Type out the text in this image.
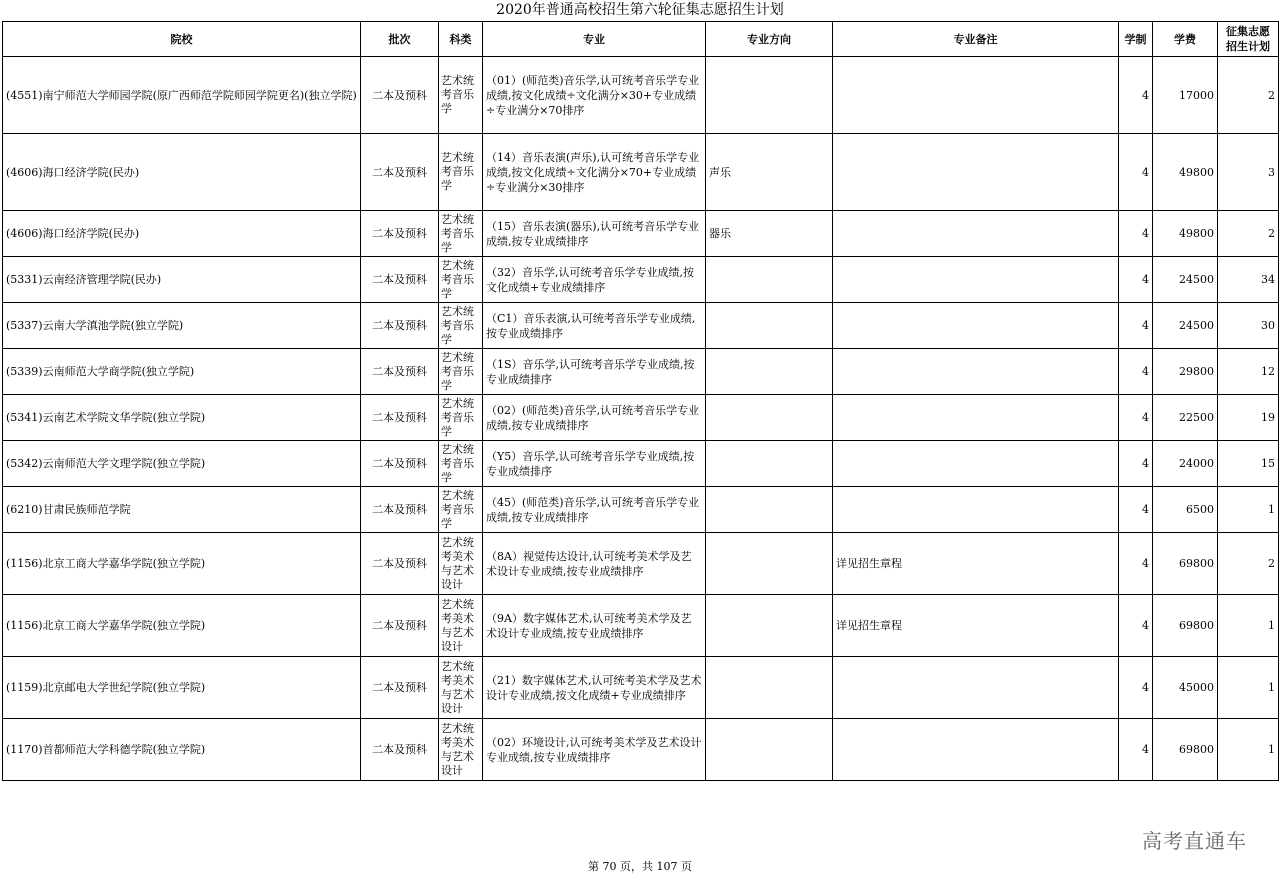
2020年普通高校招生第六轮征集志愿招生计划
院校	批次	科类	专业	专业方向	专业备注	学制	学费	征集志愿招生计划
(4551)南宁师范大学师园学院(原广西师范学院师园学院更名)(独立学院)	二本及预科	艺术统考音乐学	（01）(师范类)音乐学,认可统考音乐学专业成绩,按文化成绩÷文化满分×30+专业成绩÷专业满分×70排序			4	17000	2
(4606)海口经济学院(民办)	二本及预科	艺术统考音乐学	（14）音乐表演(声乐),认可统考音乐学专业成绩,按文化成绩÷文化满分×70+专业成绩÷专业满分×30排序	声乐		4	49800	3
(4606)海口经济学院(民办)	二本及预科	艺术统考音乐学	（15）音乐表演(器乐),认可统考音乐学专业成绩,按专业成绩排序	器乐		4	49800	2
(5331)云南经济管理学院(民办)	二本及预科	艺术统考音乐学	（32）音乐学,认可统考音乐学专业成绩,按文化成绩+专业成绩排序			4	24500	34
(5337)云南大学滇池学院(独立学院)	二本及预科	艺术统考音乐学	（C1）音乐表演,认可统考音乐学专业成绩,按专业成绩排序			4	24500	30
(5339)云南师范大学商学院(独立学院)	二本及预科	艺术统考音乐学	（1S）音乐学,认可统考音乐学专业成绩,按专业成绩排序			4	29800	12
(5341)云南艺术学院文华学院(独立学院)	二本及预科	艺术统考音乐学	（02）(师范类)音乐学,认可统考音乐学专业成绩,按专业成绩排序			4	22500	19
(5342)云南师范大学文理学院(独立学院)	二本及预科	艺术统考音乐学	（Y5）音乐学,认可统考音乐学专业成绩,按专业成绩排序			4	24000	15
(6210)甘肃民族师范学院	二本及预科	艺术统考音乐学	（45）(师范类)音乐学,认可统考音乐学专业成绩,按专业成绩排序			4	6500	1
(1156)北京工商大学嘉华学院(独立学院)	二本及预科	艺术统考美术与艺术设计	（8A）视觉传达设计,认可统考美术学及艺术设计专业成绩,按专业成绩排序		详见招生章程	4	69800	2
(1156)北京工商大学嘉华学院(独立学院)	二本及预科	艺术统考美术与艺术设计	（9A）数字媒体艺术,认可统考美术学及艺术设计专业成绩,按专业成绩排序		详见招生章程	4	69800	1
(1159)北京邮电大学世纪学院(独立学院)	二本及预科	艺术统考美术与艺术设计	（21）数字媒体艺术,认可统考美术学及艺术设计专业成绩,按文化成绩+专业成绩排序			4	45000	1
(1170)首都师范大学科德学院(独立学院)	二本及预科	艺术统考美术与艺术设计	（02）环境设计,认可统考美术学及艺术设计专业成绩,按专业成绩排序			4	69800	1
高考直通车
第 70 页，共 107 页
